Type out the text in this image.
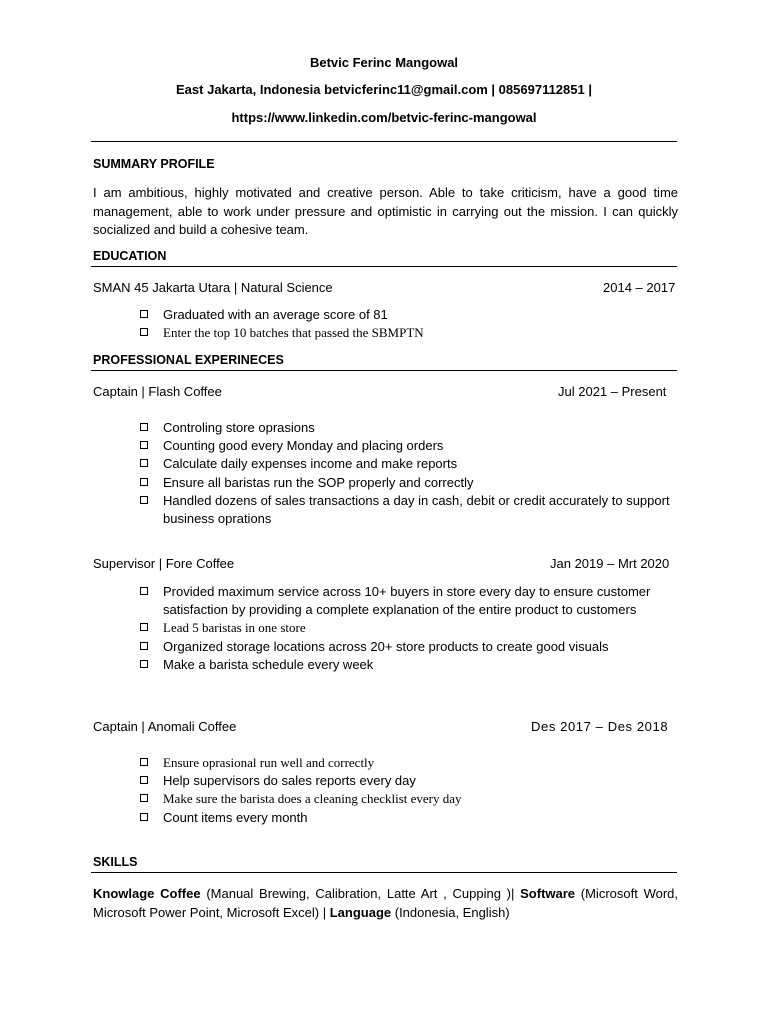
Betvic Ferinc Mangowal
East Jakarta, Indonesia betvicferinc11@gmail.com | 085697112851 |
https://www.linkedin.com/betvic-ferinc-mangowal
SUMMARY PROFILE
I am ambitious, highly motivated and creative person. Able to take criticism, have a good time management, able to work under pressure and optimistic in carrying out the mission. I can quickly socialized and build a cohesive team.
EDUCATION
SMAN 45 Jakarta Utara | Natural Science	2014 – 2017
Graduated with an average score of 81
Enter the top 10 batches that passed the SBMPTN
PROFESSIONAL EXPERINECES
Captain | Flash Coffee	Jul 2021 – Present
Controling store oprasions
Counting good every Monday and placing orders
Calculate daily expenses income and make reports
Ensure all baristas run the SOP properly and correctly
Handled dozens of sales transactions a day in cash, debit or credit accurately to support business oprations
Supervisor | Fore Coffee	Jan 2019 – Mrt 2020
Provided maximum service across 10+ buyers in store every day to ensure customer satisfaction by providing a complete explanation of the entire product to customers
Lead 5 baristas in one store
Organized storage locations across 20+ store products to create good visuals
Make a barista schedule every week
Captain | Anomali Coffee	Des 2017 – Des 2018
Ensure oprasional run well and correctly
Help supervisors do sales reports every day
Make sure the barista does a cleaning checklist every day
Count items every month
SKILLS
Knowlage Coffee (Manual Brewing, Calibration, Latte Art , Cupping )| Software (Microsoft Word, Microsoft Power Point, Microsoft Excel) | Language (Indonesia, English)
